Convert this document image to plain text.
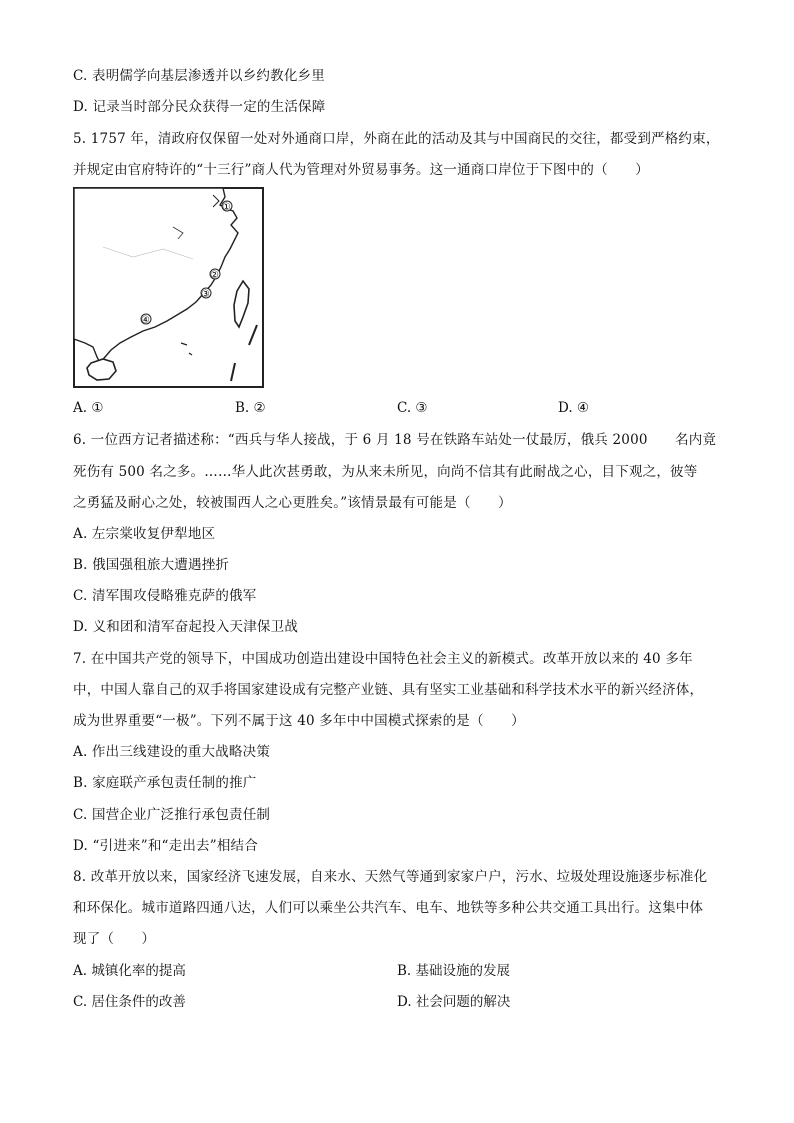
C. 表明儒学向基层渗透并以乡约教化乡里
D. 记录当时部分民众获得一定的生活保障
5. 1757 年，清政府仅保留一处对外通商口岸，外商在此的活动及其与中国商民的交往，都受到严格约束，
并规定由官府特许的“十三行”商人代为管理对外贸易事务。这一通商口岸位于下图中的（　　）
①
②
③
④
A. ①	B. ②	C. ③	D. ④
6. 一位西方记者描述称：“西兵与华人接战，于 6 月 18 号在铁路车站处一仗最厉，俄兵 2000　　名内竟
死伤有 500 名之多。……华人此次甚勇敢，为从来未所见，向尚不信其有此耐战之心，目下观之，彼等
之勇猛及耐心之处，较被围西人之心更胜矣。”该情景最有可能是（　　）
A. 左宗棠收复伊犁地区
B. 俄国强租旅大遭遇挫折
C. 清军围攻侵略雅克萨的俄军
D. 义和团和清军奋起投入天津保卫战
7. 在中国共产党的领导下，中国成功创造出建设中国特色社会主义的新模式。改革开放以来的 40 多年
中，中国人靠自己的双手将国家建设成有完整产业链、具有坚实工业基础和科学技术水平的新兴经济体，
成为世界重要“一极”。下列不属于这 40 多年中中国模式探索的是（　　）
A. 作出三线建设的重大战略决策
B. 家庭联产承包责任制的推广
C. 国营企业广泛推行承包责任制
D. “引进来”和“走出去”相结合
8. 改革开放以来，国家经济飞速发展，自来水、天然气等通到家家户户，污水、垃圾处理设施逐步标准化
和环保化。城市道路四通八达，人们可以乘坐公共汽车、电车、地铁等多种公共交通工具出行。这集中体
现了（　　）
A. 城镇化率的提高	B. 基础设施的发展
C. 居住条件的改善	D. 社会问题的解决
